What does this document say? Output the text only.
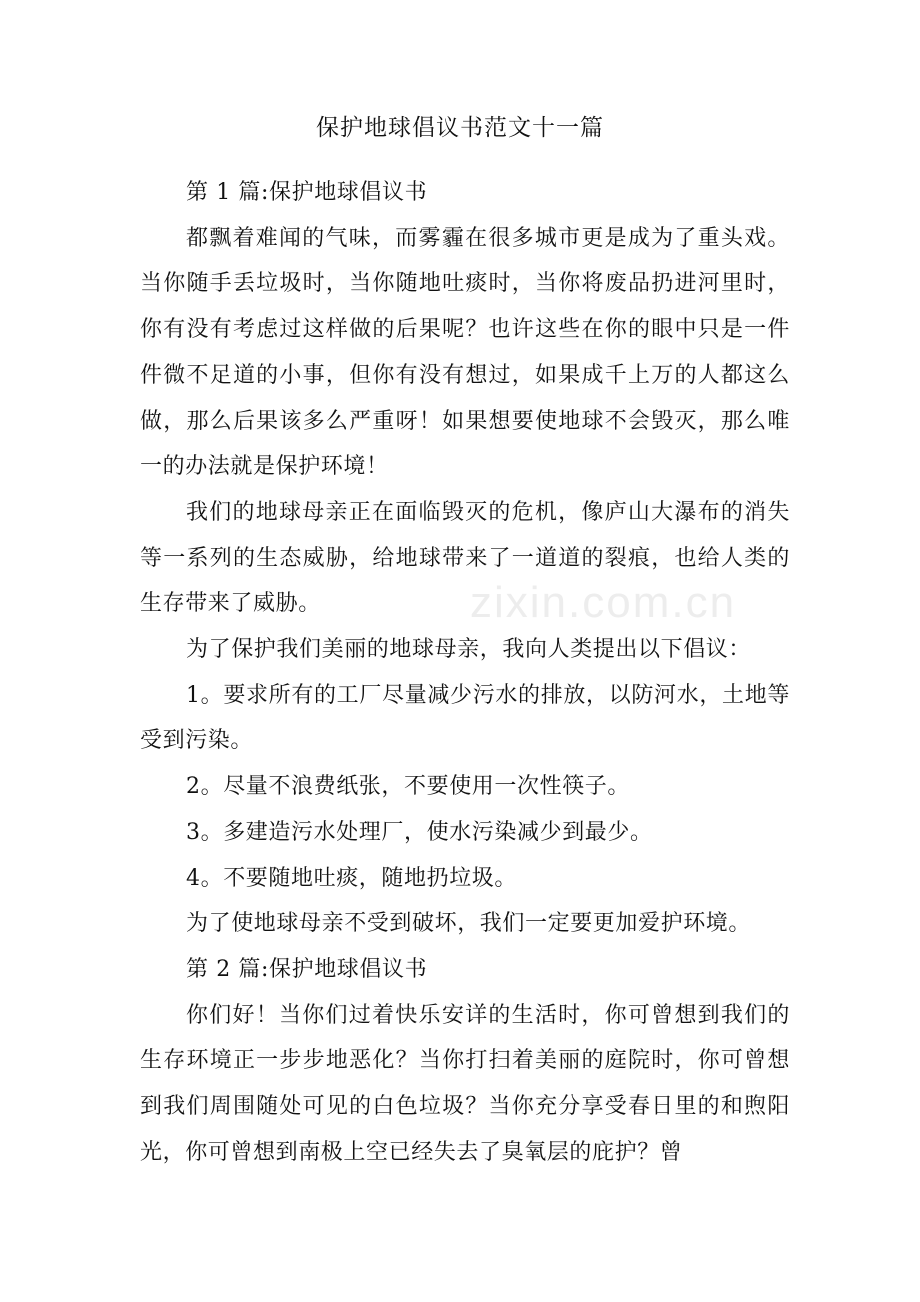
zixin.com.cn
保护地球倡议书范文十一篇

第 1 篇:保护地球倡议书

都飘着难闻的气味，而雾霾在很多城市更是成为了重头戏。当你随手丢垃圾时，当你随地吐痰时，当你将废品扔进河里时，你有没有考虑过这样做的后果呢？也许这些在你的眼中只是一件件微不足道的小事，但你有没有想过，如果成千上万的人都这么做，那么后果该多么严重呀！如果想要使地球不会毁灭，那么唯一的办法就是保护环境！

我们的地球母亲正在面临毁灭的危机，像庐山大瀑布的消失等一系列的生态威胁，给地球带来了一道道的裂痕，也给人类的生存带来了威胁。

为了保护我们美丽的地球母亲，我向人类提出以下倡议：

1。要求所有的工厂尽量减少污水的排放，以防河水，土地等受到污染。

2。尽量不浪费纸张，不要使用一次性筷子。

3。多建造污水处理厂，使水污染减少到最少。

4。不要随地吐痰，随地扔垃圾。

为了使地球母亲不受到破坏，我们一定要更加爱护环境。

第 2 篇:保护地球倡议书

你们好！当你们过着快乐安详的生活时，你可曾想到我们的生存环境正一步步地恶化？当你打扫着美丽的庭院时，你可曾想到我们周围随处可见的白色垃圾？当你充分享受春日里的和煦阳光，你可曾想到南极上空已经失去了臭氧层的庇护？曾
